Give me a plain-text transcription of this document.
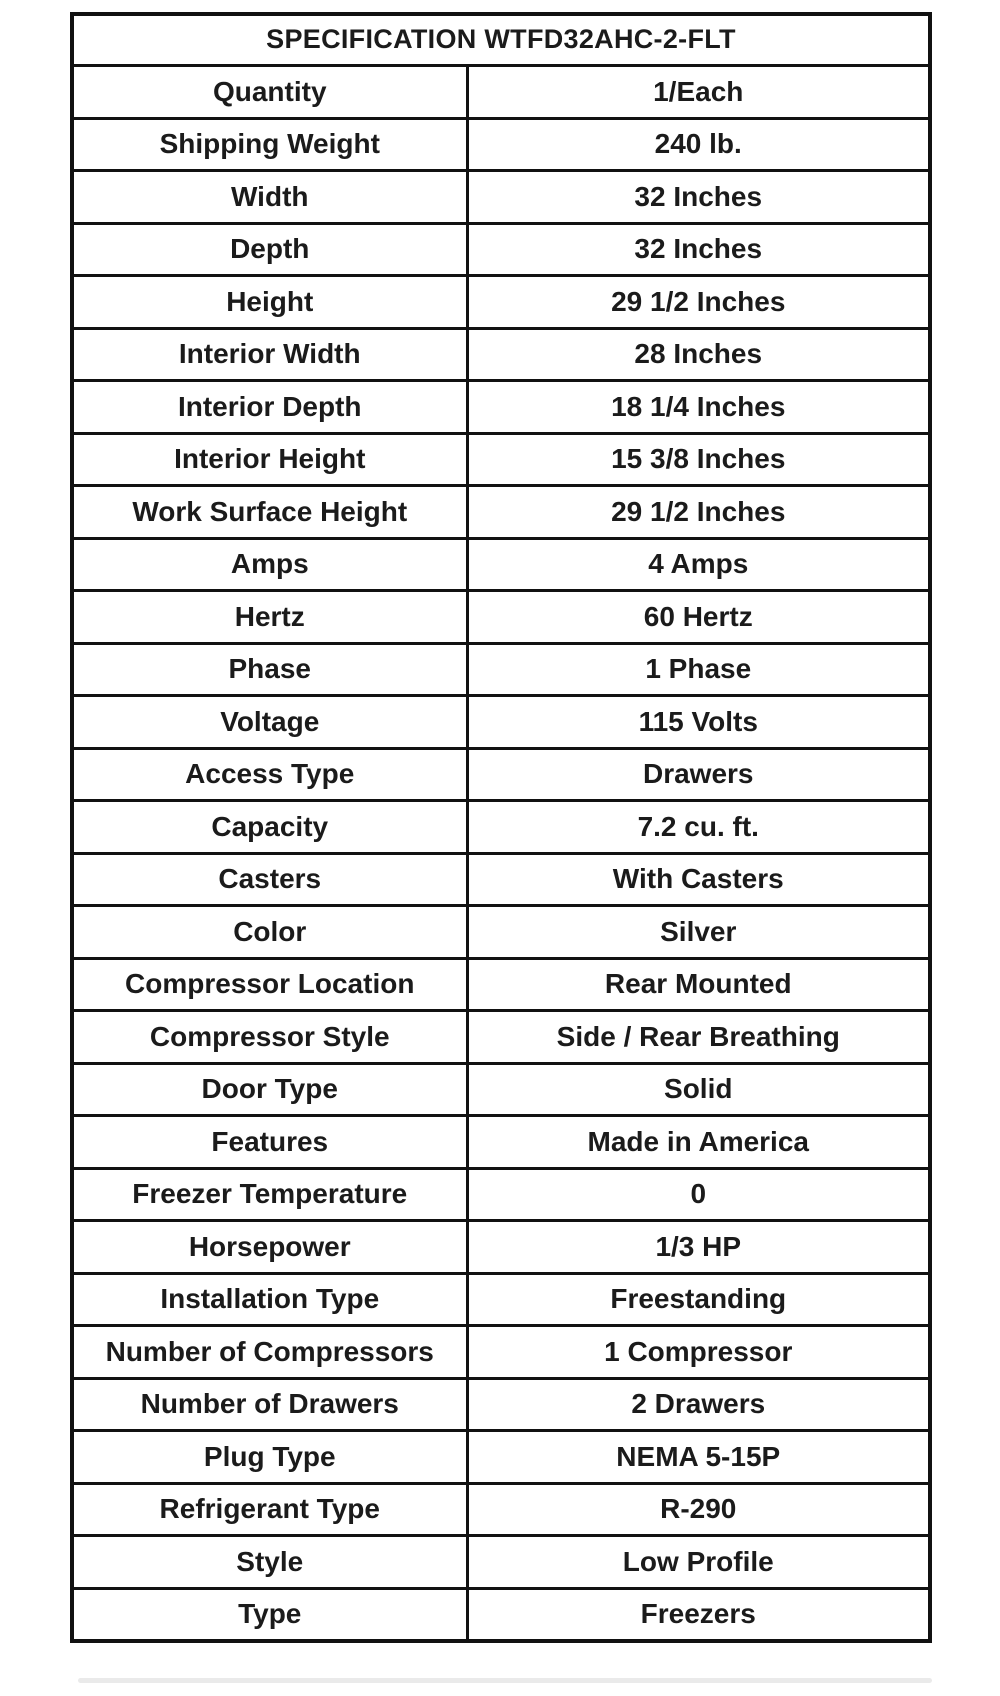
SPECIFICATION WTFD32AHC-2-FLT	
Quantity	1/Each
Shipping Weight	240 lb.
Width	32 Inches
Depth	32 Inches
Height	29 1/2 Inches
Interior Width	28 Inches
Interior Depth	18 1/4 Inches
Interior Height	15 3/8 Inches
Work Surface Height	29 1/2 Inches
Amps	4 Amps
Hertz	60 Hertz
Phase	1 Phase
Voltage	115 Volts
Access Type	Drawers
Capacity	7.2 cu. ft.
Casters	With Casters
Color	Silver
Compressor Location	Rear Mounted
Compressor Style	Side / Rear Breathing
Door Type	Solid
Features	Made in America
Freezer Temperature	0
Horsepower	1/3 HP
Installation Type	Freestanding
Number of Compressors	1 Compressor
Number of Drawers	2 Drawers
Plug Type	NEMA 5-15P
Refrigerant Type	R-290
Style	Low Profile
Type	Freezers
